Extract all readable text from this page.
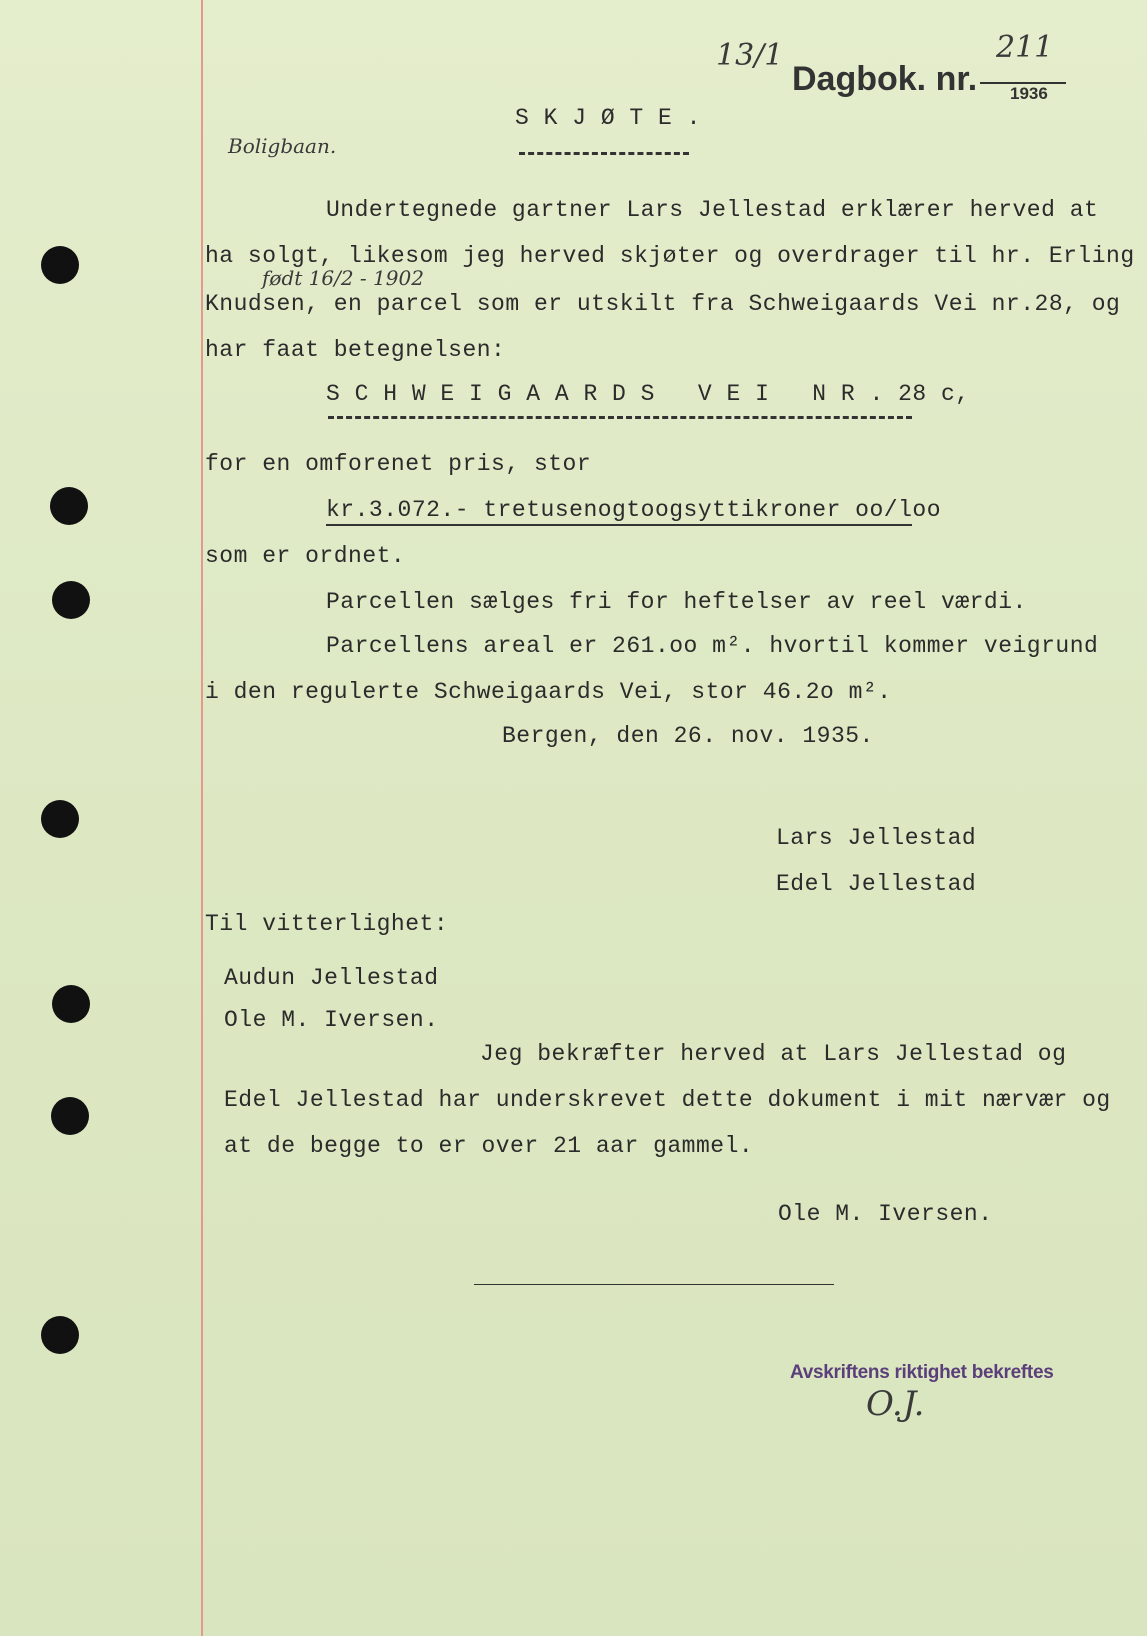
13/1
Dagbok. nr.
211
1936
Boligbaan.
S K J Ø T E .
Undertegnede gartner Lars Jellestad erklærer herved at
ha solgt, likesom jeg herved skjøter og overdrager til hr. Erling
født 16/2 - 1902
Knudsen, en parcel som er utskilt fra Schweigaards Vei nr.28, og
har faat betegnelsen:
S C H W E I G A A R D S   V E I   N R . 28 c,
for en omforenet pris, stor
kr.3.072.- tretusenogtoogsyttikroner oo/loo
som er ordnet.
Parcellen sælges fri for heftelser av reel værdi.
Parcellens areal er 261.oo m². hvortil kommer veigrund
i den regulerte Schweigaards Vei, stor 46.2o m².
Bergen, den 26. nov. 1935.
Lars Jellestad
Edel Jellestad
Til vitterlighet:
Audun Jellestad
Ole M. Iversen.
Jeg bekræfter herved at Lars Jellestad og
Edel Jellestad har underskrevet dette dokument i mit nærvær og
at de begge to er over 21 aar gammel.
Ole M. Iversen.
Avskriftens riktighet bekreftes
O.J.
